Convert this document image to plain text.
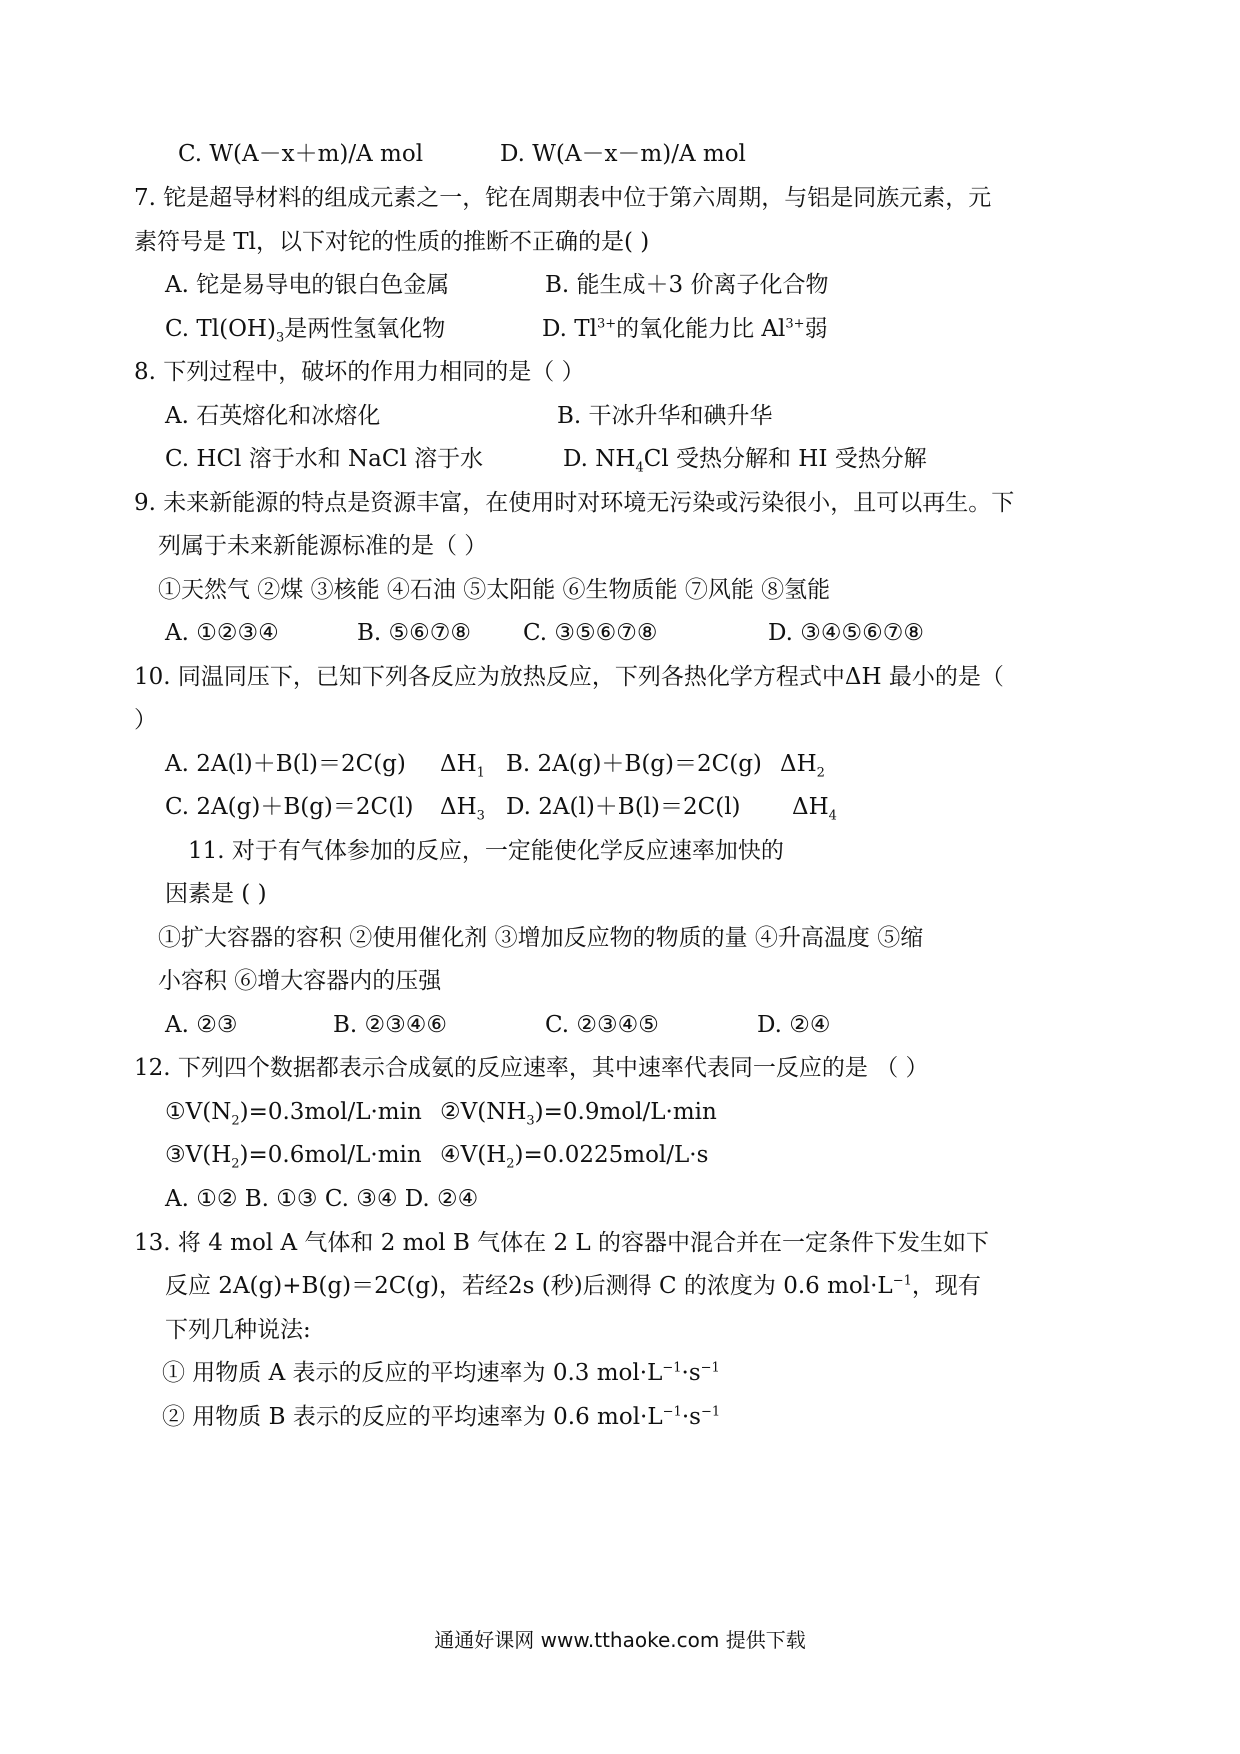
C. W(A－x＋m)/A mol	D. W(A－x－m)/A mol
7. 铊是超导材料的组成元素之一，铊在周期表中位于第六周期，与铝是同族元素，元
素符号是 Tl，以下对铊的性质的推断不正确的是( )
A. 铊是易导电的银白色金属	B. 能生成＋3 价离子化合物
C. $Tl(OH)_3$是两性氢氧化物	D. $Tl^{3+}$的氧化能力比 $Al^{3+}$弱
8. 下列过程中，破坏的作用力相同的是（ ）
A. 石英熔化和冰熔化	B. 干冰升华和碘升华
C. HCl 溶于水和 NaCl 溶于水	D. $NH_4Cl$ 受热分解和 HI 受热分解
9. 未来新能源的特点是资源丰富，在使用时对环境无污染或污染很小，且可以再生。下
列属于未来新能源标准的是（ ）
①天然气 ②煤 ③核能 ④石油 ⑤太阳能 ⑥生物质能 ⑦风能 ⑧氢能
A. ①②③④	B. ⑤⑥⑦⑧ C. ③⑤⑥⑦⑧	D. ③④⑤⑥⑦⑧
10. 同温同压下，已知下列各反应为放热反应，下列各热化学方程式中ΔH 最小的是（
）
A. 2A(l)＋B(l)＝2C(g) $\Delta H_1$ B. 2A(g)＋B(g)＝2C(g) $\Delta H_2$
C. 2A(g)＋B(g)＝2C(l) $\Delta H_3$ D. 2A(l)＋B(l)＝2C(l) $\Delta H_4$
11. 对于有气体参加的反应，一定能使化学反应速率加快的
因素是 ( )
①扩大容器的容积 ②使用催化剂 ③增加反应物的物质的量 ④升高温度 ⑤缩
小容积 ⑥增大容器内的压强
A. ②③	B. ②③④⑥	C. ②③④⑤	D. ②④
12. 下列四个数据都表示合成氨的反应速率，其中速率代表同一反应的是 （ ）
$①V(N_2)=0.3mol/L\cdot\min$ $②V(NH_3)=0.9mol/L\cdot\min$
$③V(H_2)=0.6mol/L\cdot\min$ $④V(H_2)=0.0225mol/L\cdot s$
A. ①② B. ①③ C. ③④ D. ②④
13. 将 4 mol A 气体和 2 mol B 气体在 2 L 的容器中混合并在一定条件下发生如下
反应 2A(g)+B(g)＝2C(g)，若经2s (秒)后测得 C 的浓度为 0.6 $mol\cdot L^{-1}$，现有
下列几种说法:
① 用物质 A 表示的反应的平均速率为 0.3 $mol\cdot L^{-1}\cdot s^{-1}$
② 用物质 B 表示的反应的平均速率为 0.6 $mol\cdot L^{-1}\cdot s^{-1}$
通通好课网 www.tthaoke.com 提供下载
